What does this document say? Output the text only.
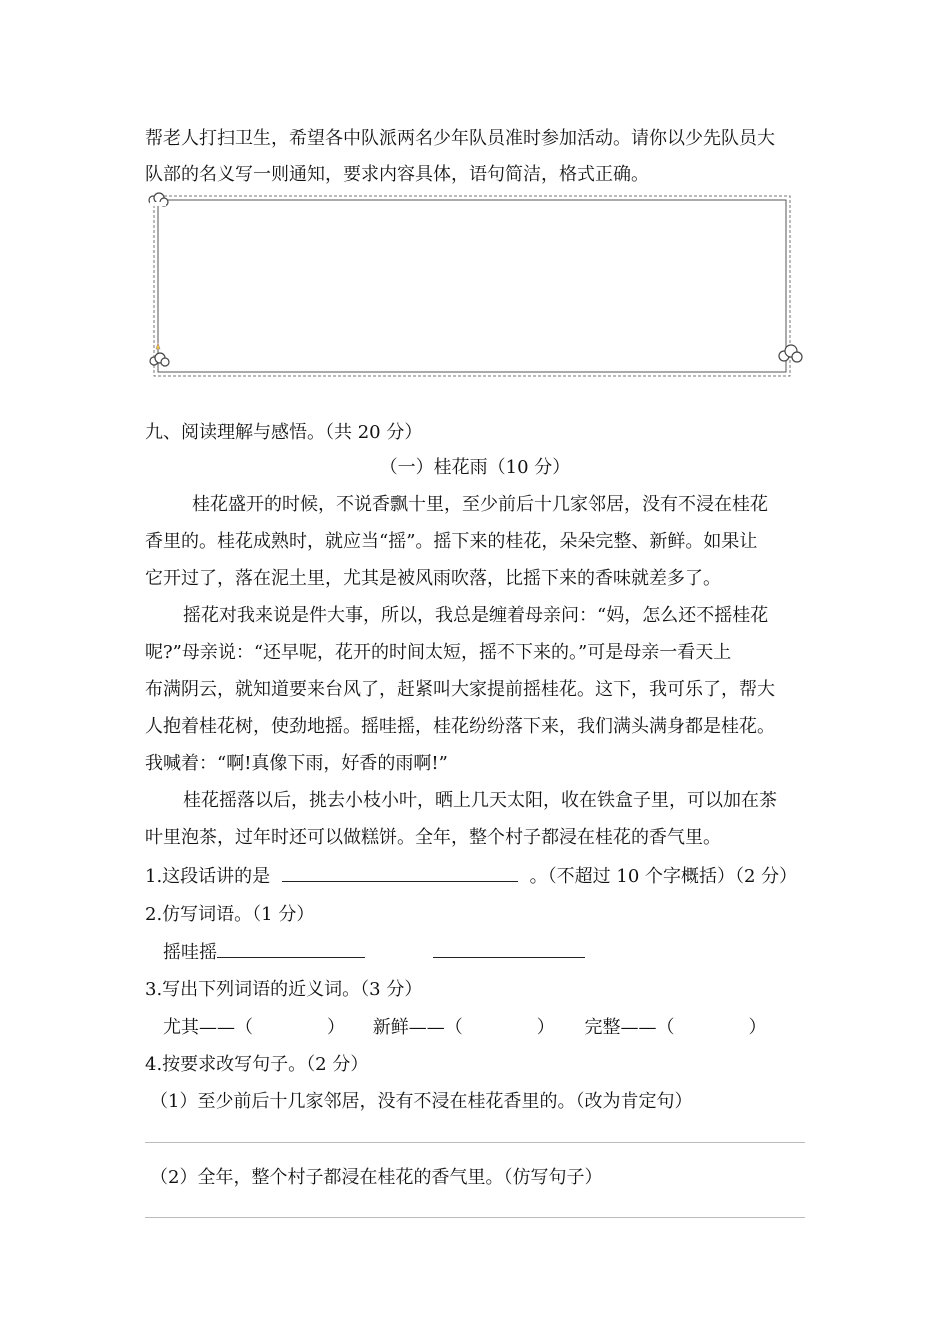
帮老人打扫卫生，希望各中队派两名少年队员准时参加活动。请你以少先队员大
队部的名义写一则通知，要求内容具体，语句简洁，格式正确。
九、阅读理解与感悟。（共 20 分）
（一）桂花雨（10 分）
桂花盛开的时候，不说香飘十里，至少前后十几家邻居，没有不浸在桂花
香里的。桂花成熟时，就应当“摇”。摇下来的桂花，朵朵完整、新鲜。如果让
它开过了，落在泥土里，尤其是被风雨吹落，比摇下来的香味就差多了。
摇花对我来说是件大事，所以，我总是缠着母亲问：“妈，怎么还不摇桂花
呢?”母亲说：“还早呢，花开的时间太短，摇不下来的。”可是母亲一看天上
布满阴云，就知道要来台风了，赶紧叫大家提前摇桂花。这下，我可乐了，帮大
人抱着桂花树，使劲地摇。摇哇摇，桂花纷纷落下来，我们满头满身都是桂花。
我喊着：“啊!真像下雨，好香的雨啊!”
桂花摇落以后，挑去小枝小叶，晒上几天太阳，收在铁盒子里，可以加在茶
叶里泡茶，过年时还可以做糕饼。全年，整个村子都浸在桂花的香气里。
1.这段话讲的是	。（不超过 10 个字概括）（2 分）
2.仿写词语。（1 分）
摇哇摇
3.写出下列词语的近义词。（3 分）
尤其——（	） 新鲜——（	） 完整——（	）
4.按要求改写句子。（2 分）
（1）至少前后十几家邻居，没有不浸在桂花香里的。（改为肯定句）
（2）全年，整个村子都浸在桂花的香气里。（仿写句子）
